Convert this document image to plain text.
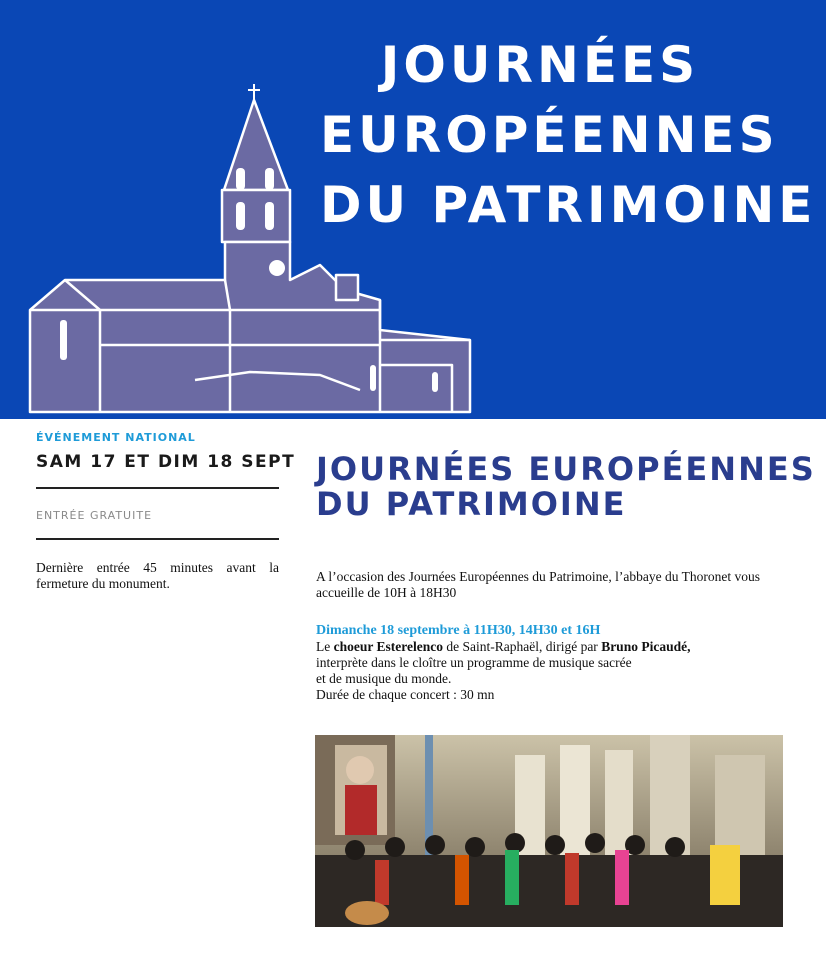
JOURNÉES
EUROPÉENNES
DU PATRIMOINE
ÉVÉNEMENT NATIONAL
SAM 17 ET DIM 18 SEPT
ENTRÉE GRATUITE
Dernière entrée 45 minutes avant la fermeture du monument.
JOURNÉES EUROPÉENNES
DU PATRIMOINE
A l’occasion des Journées Européennes du Patrimoine, l’abbaye du Thoronet vous accueille de 10H à 18H30
Dimanche 18 septembre à 11H30, 14H30 et 16H
Le choeur Esterelenco de Saint-Raphaël, dirigé par Bruno Picaudé,
interprète dans le cloître un programme de musique sacrée
et de musique du monde.
Durée de chaque concert : 30 mn
